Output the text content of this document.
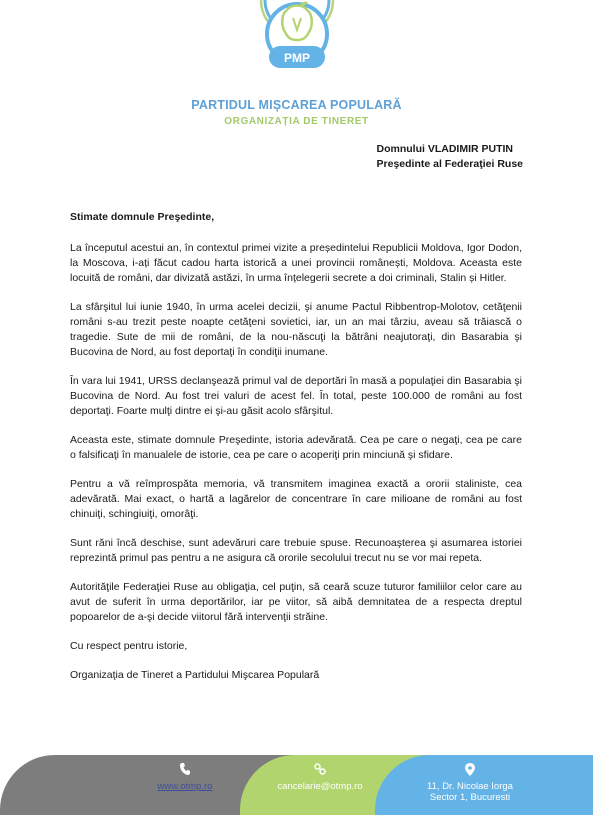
PMP
PARTIDUL MIȘCAREA POPULARĂ
ORGANIZAȚIA DE TINERET
Domnului VLADIMIR PUTIN
Preşedinte al Federaţiei Ruse

Stimate domnule Preşedinte,

La începutul acestui an, în contextul primei vizite a președintelui Republicii Moldova, Igor Dodon, la Moscova, i-ați făcut cadou harta istorică a unei provincii românești, Moldova. Aceasta este locuită de români, dar divizată astăzi, în urma înțelegerii secrete a doi criminali, Stalin și Hitler.

La sfârşitul lui iunie 1940, în urma acelei decizii, şi anume Pactul Ribbentrop-Molotov, cetăţenii români s-au trezit peste noapte cetăţeni sovietici, iar, un an mai târziu, aveau să trăiască o tragedie. Sute de mii de români, de la nou-născuţi la bătrâni neajutoraţi, din Basarabia şi Bucovina de Nord, au fost deportaţi în condiţii inumane.

În vara lui 1941, URSS declanşează primul val de deportări în masă a populaţiei din Basarabia şi Bucovina de Nord. Au fost trei valuri de acest fel. În total, peste 100.000 de români au fost deportaţi. Foarte mulţi dintre ei şi-au găsit acolo sfârşitul.

Aceasta este, stimate domnule Preşedinte, istoria adevărată. Cea pe care o negaţi, cea pe care o falsificaţi în manualele de istorie, cea pe care o acoperiţi prin minciună şi sfidare.

Pentru a vă reîmprospăta memoria, vă transmitem imaginea exactă a ororii staliniste, cea adevărată. Mai exact, o hartă a lagărelor de concentrare în care milioane de români au fost chinuiţi, schingiuiţi, omorâţi.

Sunt răni încă deschise, sunt adevăruri care trebuie spuse. Recunoaşterea şi asumarea istoriei reprezintă primul pas pentru a ne asigura că ororile secolului trecut nu se vor mai repeta.

Autorităţile Federaţiei Ruse au obligaţia, cel puţin, să ceară scuze tuturor familiilor celor care au avut de suferit în urma deportărilor, iar pe viitor, să aibă demnitatea de a respecta dreptul popoarelor de a-şi decide viitorul fără intervenţii străine.

Cu respect pentru istorie,

Organizaţia de Tineret a Partidului Mişcarea Populară

www.otmp.ro	cancelarie@otmp.ro	11, Dr. Nicolae Iorga
Sector 1, Bucuresti
